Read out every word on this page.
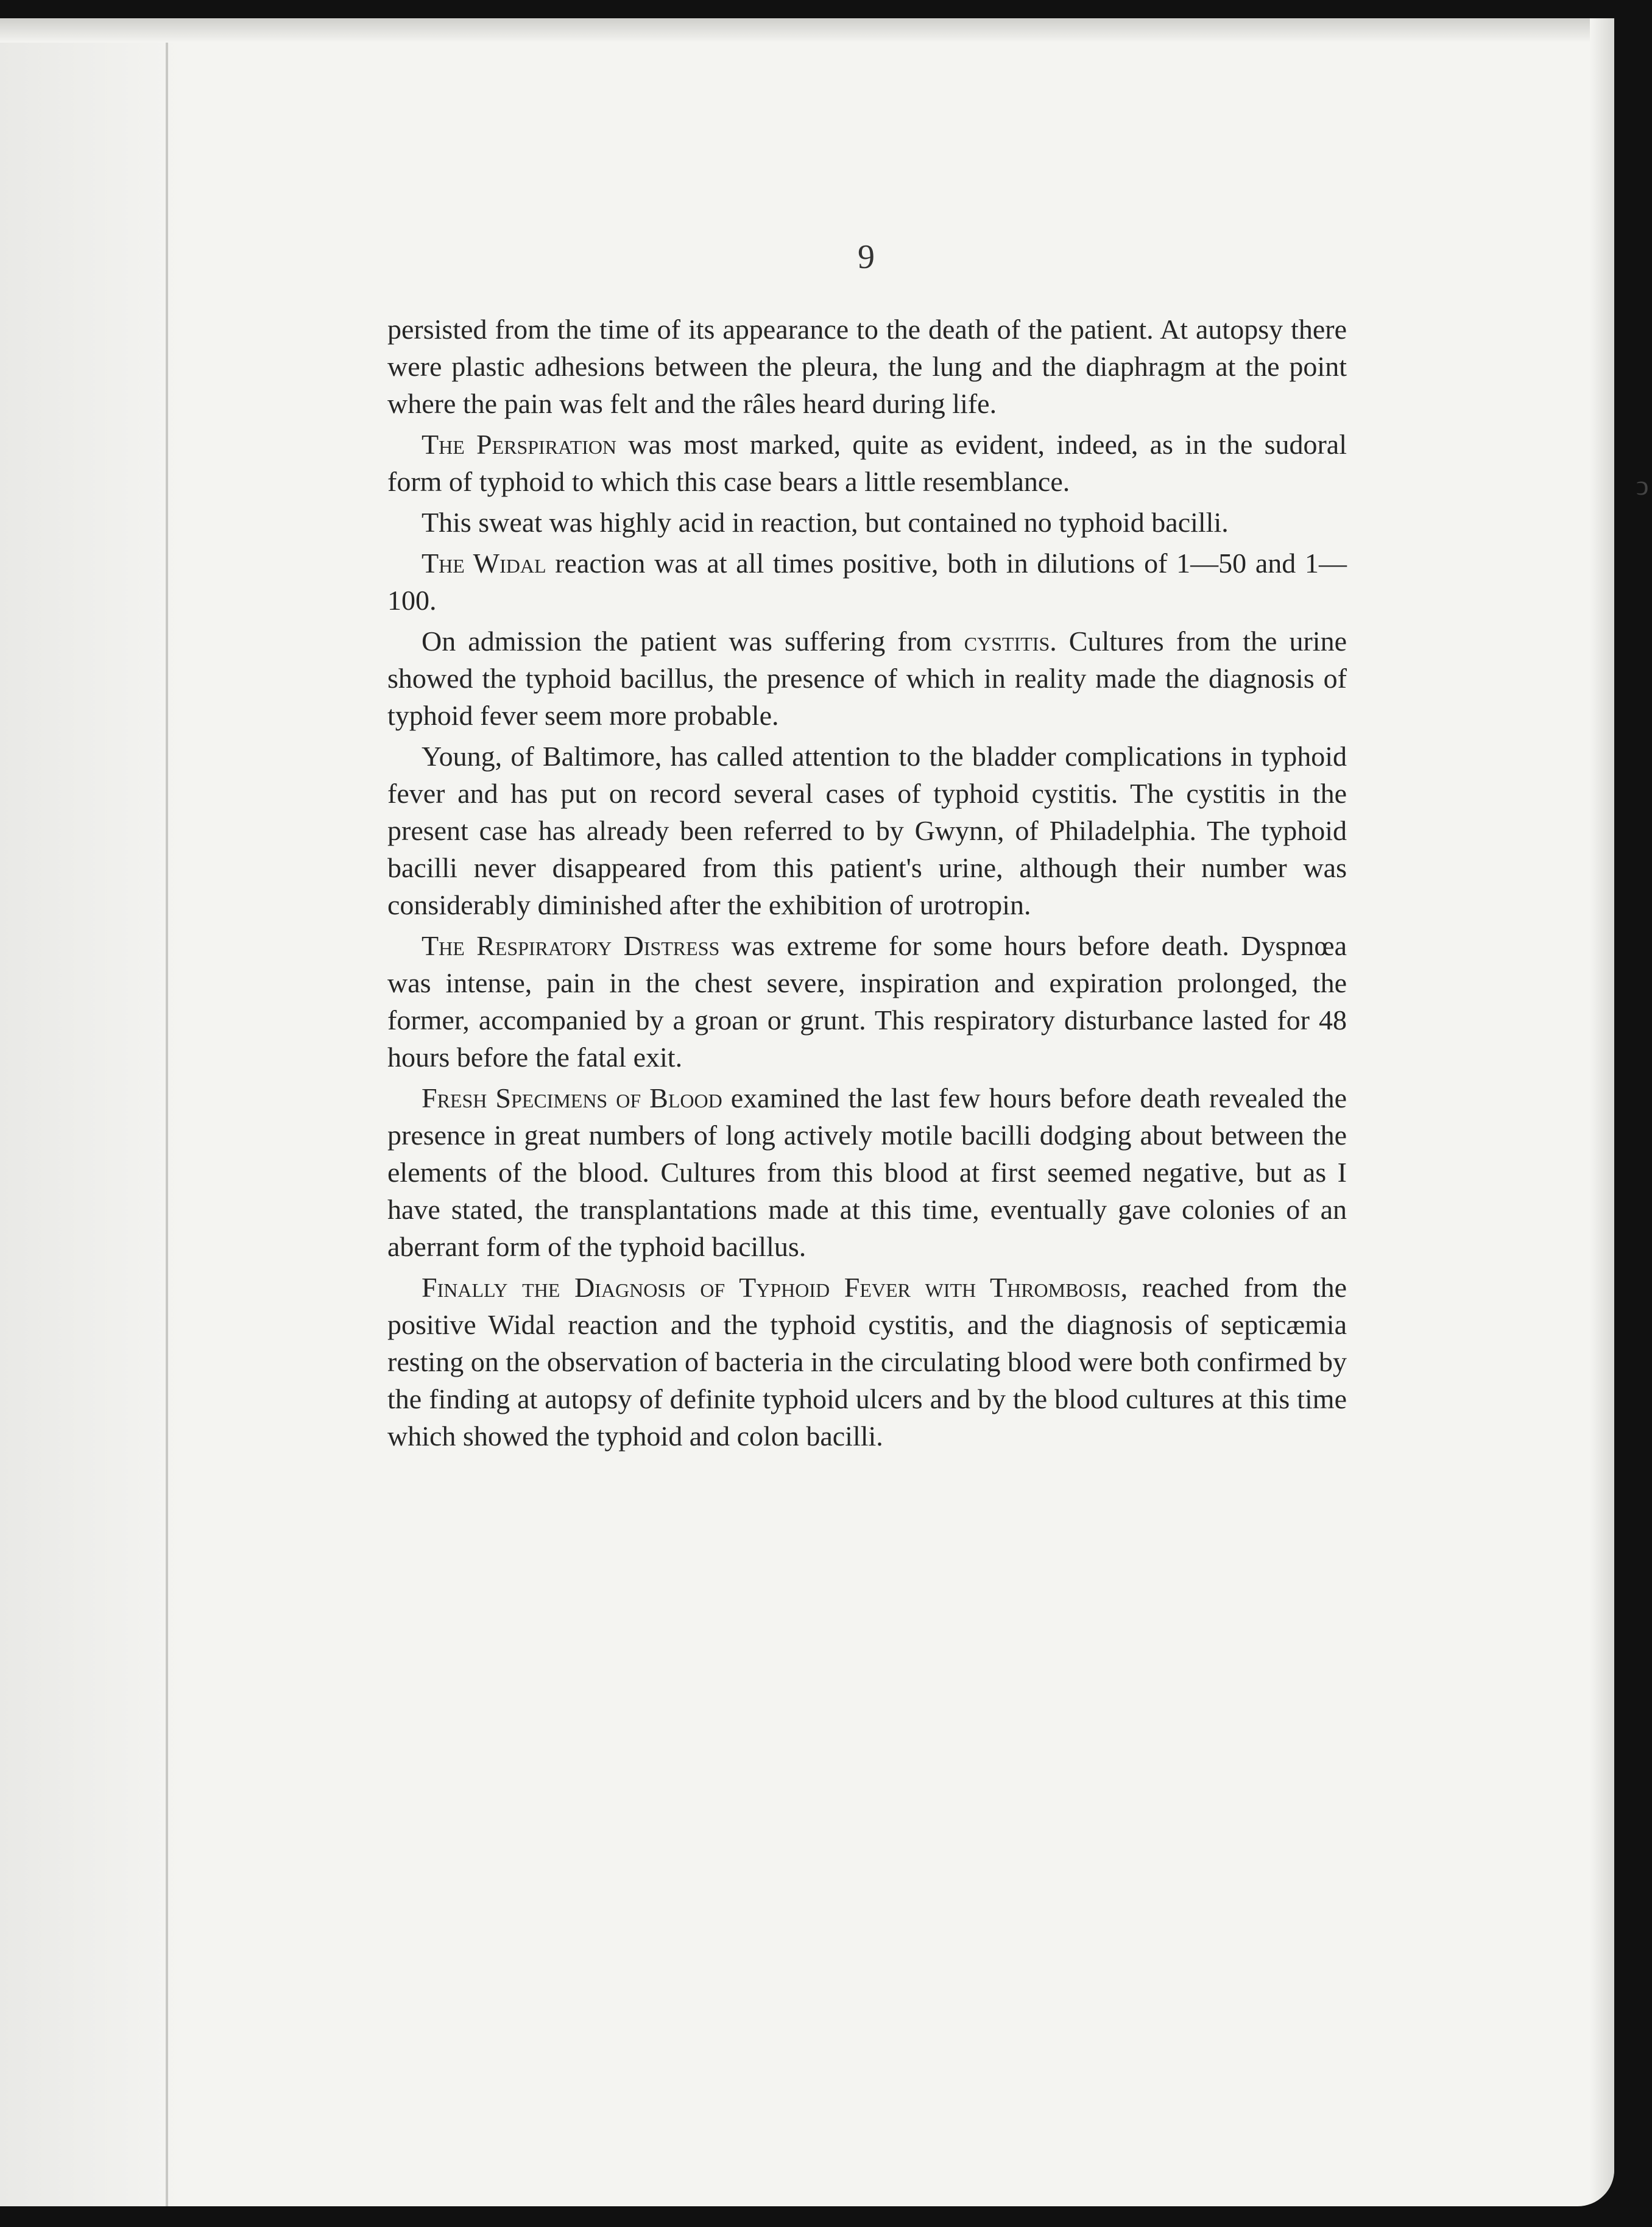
9

persisted from the time of its appearance to the death of the patient. At autopsy there were plastic adhesions between the pleura, the lung and the diaphragm at the point where the pain was felt and the râles heard during life.

The Perspiration was most marked, quite as evident, indeed, as in the sudoral form of typhoid to which this case bears a little resemblance.

This sweat was highly acid in reaction, but contained no typhoid bacilli.

The Widal reaction was at all times positive, both in dilutions of 1—50 and 1—100.

On admission the patient was suffering from cystitis. Cultures from the urine showed the typhoid bacillus, the presence of which in reality made the diagnosis of typhoid fever seem more probable.

Young, of Baltimore, has called attention to the bladder complications in typhoid fever and has put on record several cases of typhoid cystitis. The cystitis in the present case has already been referred to by Gwynn, of Philadelphia. The typhoid bacilli never disappeared from this patient's urine, although their number was considerably diminished after the exhibition of urotropin.

The Respiratory Distress was extreme for some hours before death. Dyspnœa was intense, pain in the chest severe, inspiration and expiration prolonged, the former, accompanied by a groan or grunt. This respiratory disturbance lasted for 48 hours before the fatal exit.

Fresh Specimens of Blood examined the last few hours before death revealed the presence in great numbers of long actively motile bacilli dodging about between the elements of the blood. Cultures from this blood at first seemed negative, but as I have stated, the transplantations made at this time, eventually gave colonies of an aberrant form of the typhoid bacillus.

Finally the Diagnosis of Typhoid Fever with Thrombosis, reached from the positive Widal reaction and the typhoid cystitis, and the diagnosis of septicæmia resting on the observation of bacteria in the circulating blood were both confirmed by the finding at autopsy of definite typhoid ulcers and by the blood cultures at this time which showed the typhoid and colon bacilli.

ↄ
